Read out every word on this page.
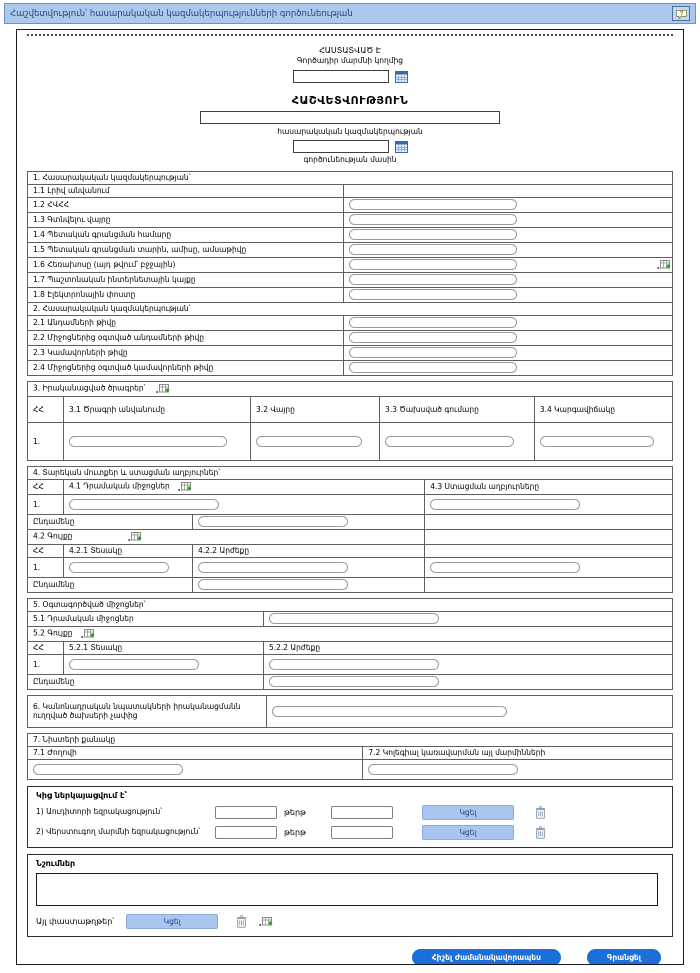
Հաշվետվություն՝ հասարակական կազմակերպությունների գործունեության	?
ՀԱՍՏԱՏՎԱԾ Է
Գործադիր մարմնի կողմից
ՀԱՇՎԵՏՎՈՒԹՅՈՒՆ
հասարակական կազմակերպության
գործունեության մասին
1. Հասարակական կազմակերպության՝	
1.1 Լրիվ անվանում	
1.2 ՀՎՀՀ	
1.3 Գտնվելու վայրը	
1.4 Պետական գրանցման համարը	
1.5 Պետական գրանցման տարին, ամիսը, ամսաթիվը	
1.6 Հեռախոսը (այդ թվում՝ բջջային)	

1.7 Պաշտոնական ինտերնետային կայքը	
1.8 Էլեկտրոնային փոստը	
2. Հասարակական կազմակերպության՝	
2.1 Անդամների թիվը	
2.2 Միջոցներից օգտված անդամների թիվը	
2.3 Կամավորների թիվը	
2.4 Միջոցներից օգտված կամավորների թիվը	
3. Իրականացված ծրագրեր՝				
ՀՀ	3.1 Ծրագրի անվանումը	3.2 Վայրը	3.3 Ծախսված գումարը	3.4 Կարգավիճակը
1.				
4. Տարեկան մուտքեր և ստացման աղբյուրներ՝			
ՀՀ	4.1 Դրամական միջոցներ		4.3 Ստացման աղբյուրները
1.		
Ընդամենը		
4.2 Գույքը			
ՀՀ	4.2.1 Տեսակը	4.2.2 Արժեքը	
1.			
Ընդամենը		
5. Օգտագործված միջոցներ՝		
5.1 Դրամական միջոցներ	
5.2 Գույքը		
ՀՀ	5.2.1 Տեսակը	5.2.2 Արժեքը
1.		
Ընդամենը	
6. Կանոնադրական նպատակների իրականացմանն ուղղված ծախսերի չափից	
7. Նիստերի քանակը	
7.1 Ժողովի	7.2 Կոլեգիալ կառավարման այլ մարմինների

Կից ներկայացվում է՝
1) Աուդիտորի եզրակացություն՝	թերթ	Կցել
2) Վերստուգող մարմնի եզրակացություն՝	թերթ	Կցել
Նշումներ
Այլ փաստաթղթեր՝	Կցել
Հիշել ժամանակավորապես	Գրանցել
